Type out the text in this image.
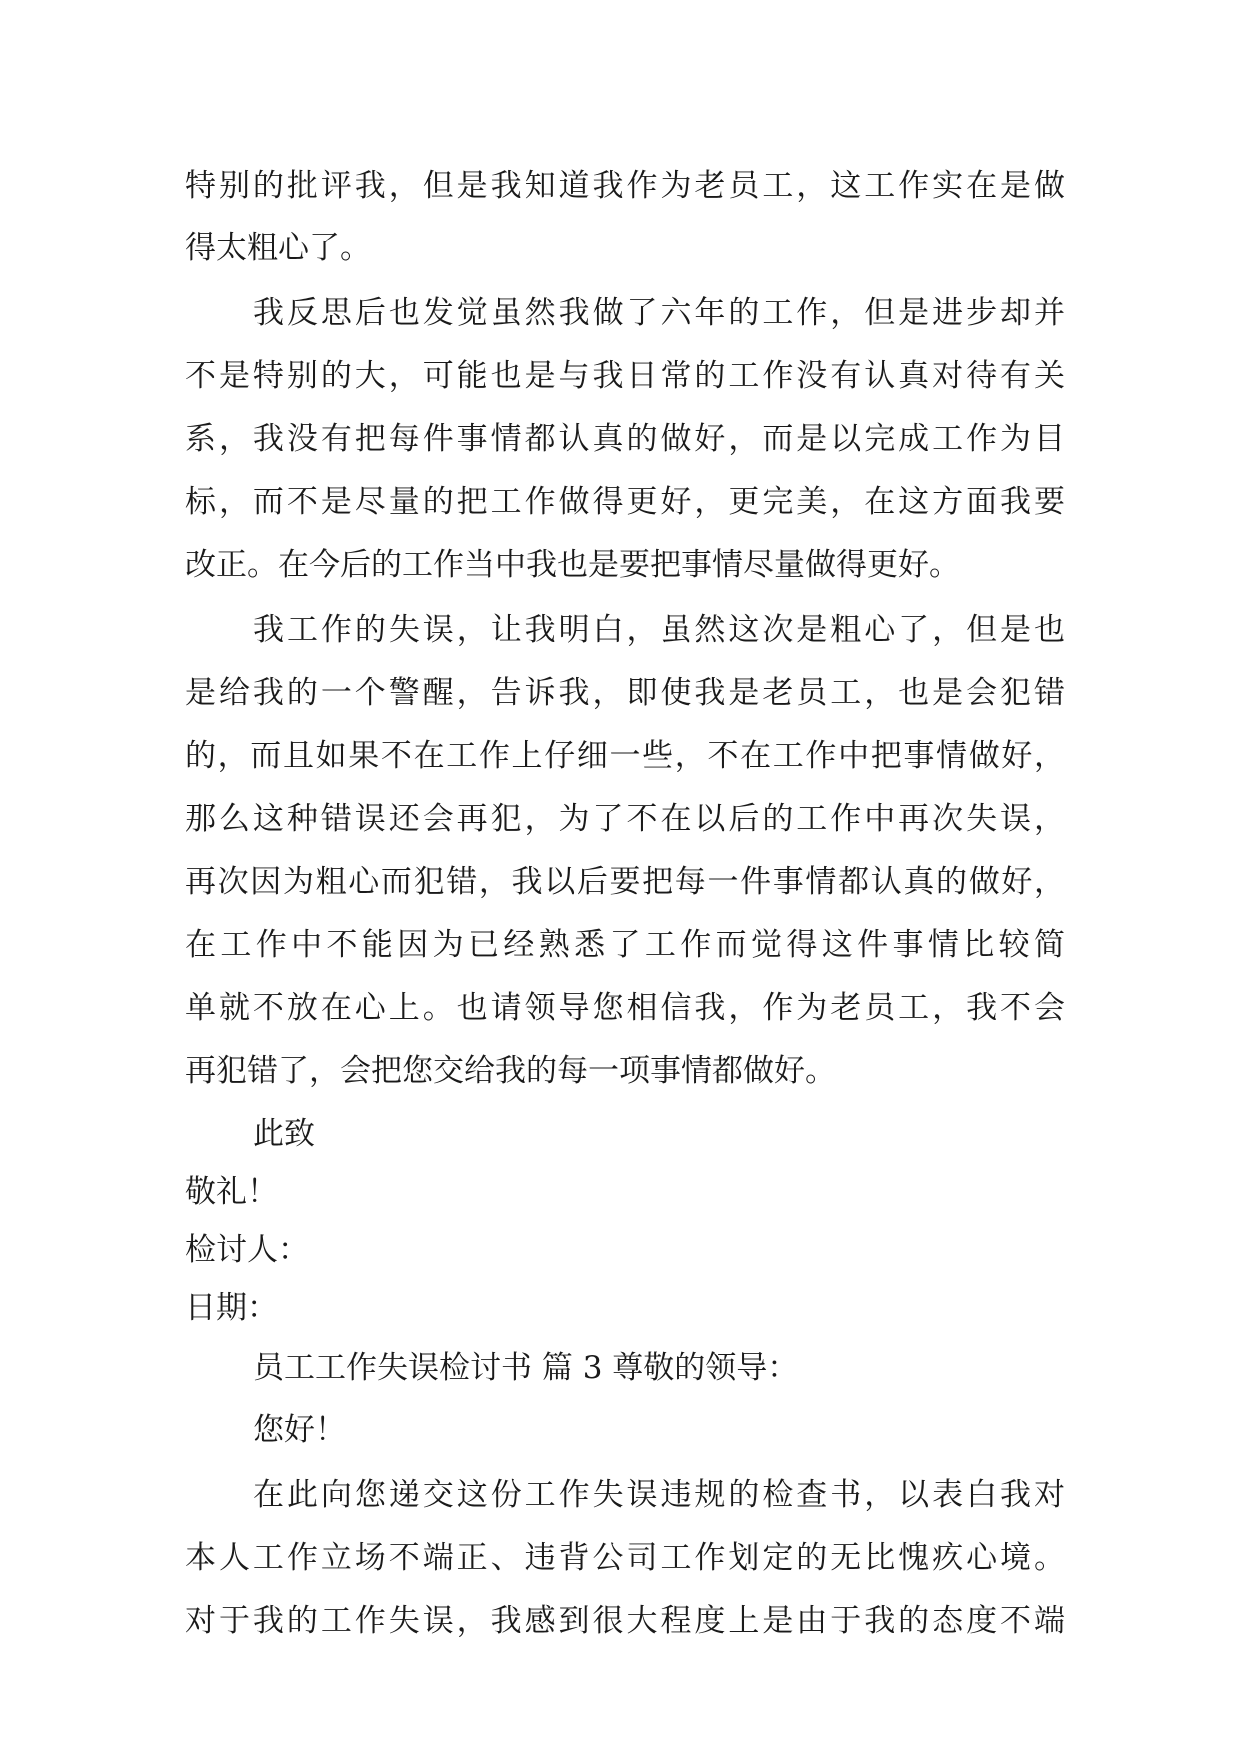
特别的批评我，但是我知道我作为老员工，这工作实在是做
得太粗心了。
我反思后也发觉虽然我做了六年的工作，但是进步却并
不是特别的大，可能也是与我日常的工作没有认真对待有关
系，我没有把每件事情都认真的做好，而是以完成工作为目
标，而不是尽量的把工作做得更好，更完美，在这方面我要
改正。在今后的工作当中我也是要把事情尽量做得更好。
我工作的失误，让我明白，虽然这次是粗心了，但是也
是给我的一个警醒，告诉我，即使我是老员工，也是会犯错
的，而且如果不在工作上仔细一些，不在工作中把事情做好，
那么这种错误还会再犯，为了不在以后的工作中再次失误，
再次因为粗心而犯错，我以后要把每一件事情都认真的做好，
在工作中不能因为已经熟悉了工作而觉得这件事情比较简
单就不放在心上。也请领导您相信我，作为老员工，我不会
再犯错了，会把您交给我的每一项事情都做好。
此致
敬礼！
检讨人：
日期：
员工工作失误检讨书 篇 3 尊敬的领导：
您好！
在此向您递交这份工作失误违规的检查书，以表白我对
本人工作立场不端正、违背公司工作划定的无比愧疚心境。
对于我的工作失误，我感到很大程度上是由于我的态度不端
